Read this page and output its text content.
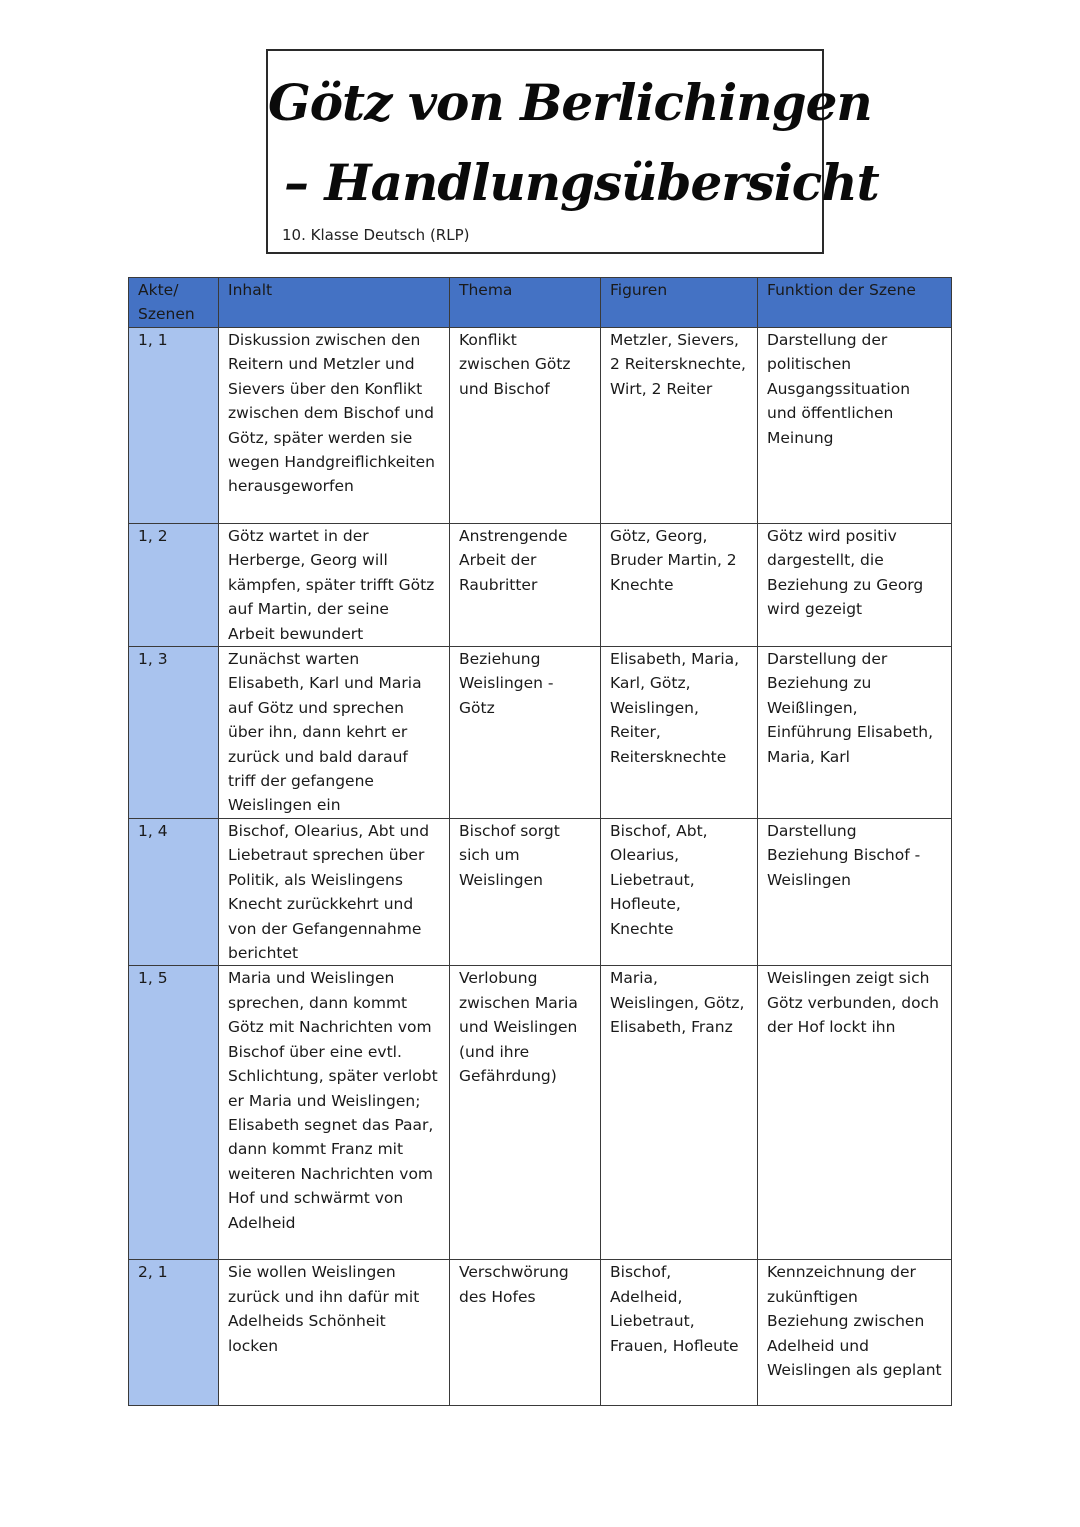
Götz von Berlichingen
– Handlungsübersicht
10. Klasse Deutsch (RLP)
Akte/ Szenen	Inhalt	Thema	Figuren	Funktion der Szene
1, 1	Diskussion zwischen den Reitern und Metzler und Sievers über den Konflikt zwischen dem Bischof und Götz, später werden sie wegen Handgreiflichkeiten herausgeworfen	Konflikt zwischen Götz und Bischof	Metzler, Sievers, 2 Reitersknechte, Wirt, 2 Reiter	Darstellung der politischen Ausgangssituation und öffentlichen Meinung
1, 2	Götz wartet in der Herberge, Georg will kämpfen, später trifft Götz auf Martin, der seine Arbeit bewundert	Anstrengende Arbeit der Raubritter	Götz, Georg, Bruder Martin, 2 Knechte	Götz wird positiv dargestellt, die Beziehung zu Georg wird gezeigt
1, 3	Zunächst warten Elisabeth, Karl und Maria auf Götz und sprechen über ihn, dann kehrt er zurück und bald darauf triff der gefangene Weislingen ein	Beziehung Weislingen - Götz	Elisabeth, Maria, Karl, Götz, Weislingen, Reiter, Reitersknechte	Darstellung der Beziehung zu Weißlingen, Einführung Elisabeth, Maria, Karl
1, 4	Bischof, Olearius, Abt und Liebetraut sprechen über Politik, als Weislingens Knecht zurückkehrt und von der Gefangennahme berichtet	Bischof sorgt sich um Weislingen	Bischof, Abt, Olearius, Liebetraut, Hofleute, Knechte	Darstellung Beziehung Bischof - Weislingen
1, 5	Maria und Weislingen sprechen, dann kommt Götz mit Nachrichten vom Bischof über eine evtl. Schlichtung, später verlobt er Maria und Weislingen; Elisabeth segnet das Paar, dann kommt Franz mit weiteren Nachrichten vom Hof und schwärmt von Adelheid	Verlobung zwischen Maria und Weislingen (und ihre Gefährdung)	Maria, Weislingen, Götz, Elisabeth, Franz	Weislingen zeigt sich Götz verbunden, doch der Hof lockt ihn
2, 1	Sie wollen Weislingen zurück und ihn dafür mit Adelheids Schönheit locken	Verschwörung des Hofes	Bischof, Adelheid, Liebetraut, Frauen, Hofleute	Kennzeichnung der zukünftigen Beziehung zwischen Adelheid und Weislingen als geplant
